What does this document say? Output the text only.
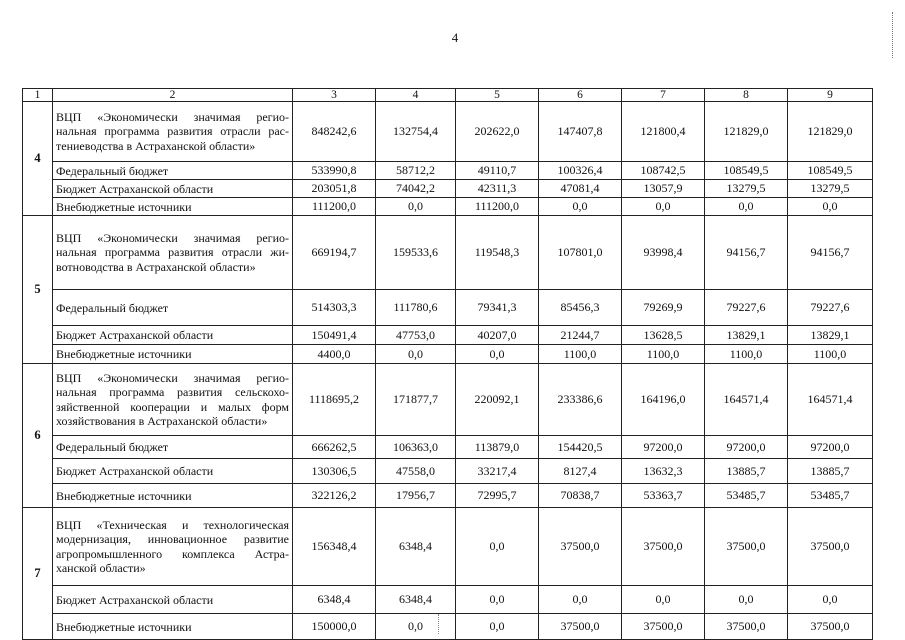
4
1	2	3	4	5	6	7	8	9
4	ВЦП «Экономически значимая регио-нальная программа развития отрасли рас-тениеводства в Астраханской области»	848242,6	132754,4	202622,0	147407,8	121800,4	121829,0	121829,0
	Федеральный бюджет	533990,8	58712,2	49110,7	100326,4	108742,5	108549,5	108549,5
	Бюджет Астраханской области	203051,8	74042,2	42311,3	47081,4	13057,9	13279,5	13279,5
	Внебюджетные источники	111200,0	0,0	111200,0	0,0	0,0	0,0	0,0
5	ВЦП «Экономически значимая регио-нальная программа развития отрасли жи-вотноводства в Астраханской области»	669194,7	159533,6	119548,3	107801,0	93998,4	94156,7	94156,7
	Федеральный бюджет	514303,3	111780,6	79341,3	85456,3	79269,9	79227,6	79227,6
	Бюджет Астраханской области	150491,4	47753,0	40207,0	21244,7	13628,5	13829,1	13829,1
	Внебюджетные источники	4400,0	0,0	0,0	1100,0	1100,0	1100,0	1100,0
6	ВЦП «Экономически значимая регио-нальная программа развития сельскохо-зяйственной кооперации и малых форм хозяйствования в Астраханской области»	1118695,2	171877,7	220092,1	233386,6	164196,0	164571,4	164571,4
	Федеральный бюджет	666262,5	106363,0	113879,0	154420,5	97200,0	97200,0	97200,0
	Бюджет Астраханской области	130306,5	47558,0	33217,4	8127,4	13632,3	13885,7	13885,7
	Внебюджетные источники	322126,2	17956,7	72995,7	70838,7	53363,7	53485,7	53485,7
7	ВЦП «Техническая и технологическая модернизация, инновационное развитие агропромышленного комплекса Астра-ханской области»	156348,4	6348,4	0,0	37500,0	37500,0	37500,0	37500,0
	Бюджет Астраханской области	6348,4	6348,4	0,0	0,0	0,0	0,0	0,0
	Внебюджетные источники	150000,0	0,0	0,0	37500,0	37500,0	37500,0	37500,0
